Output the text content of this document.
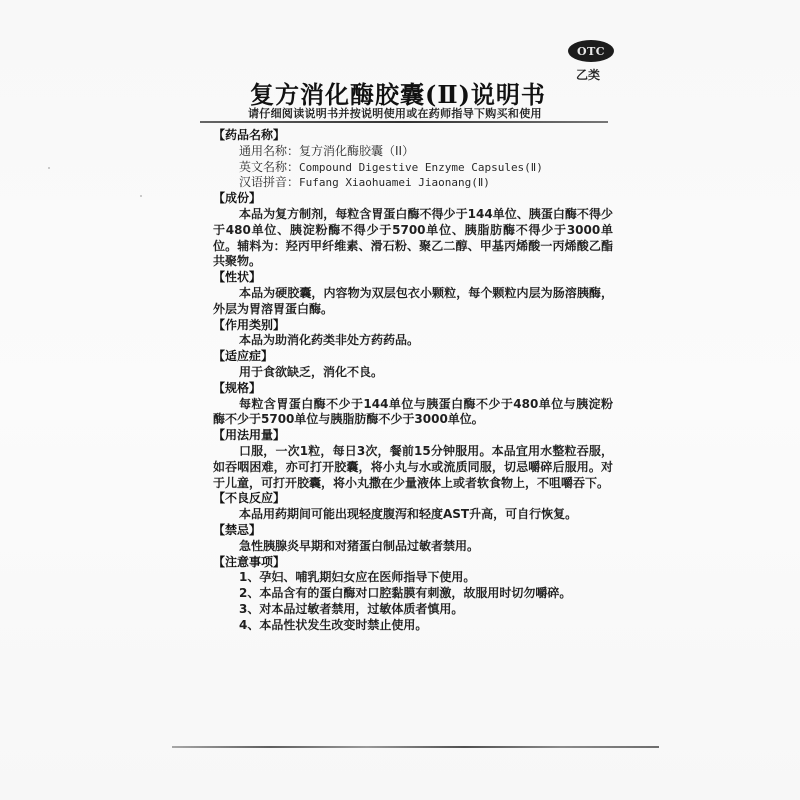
OTC
乙类
复方消化酶胶囊(Ⅱ)说明书
请仔细阅读说明书并按说明使用或在药师指导下购买和使用

【药品名称】

通用名称：复方消化酶胶囊（II）

英文名称：Compound Digestive Enzyme Capsules(Ⅱ)

汉语拼音：Fufang Xiaohuamei Jiaonang(Ⅱ)

【成份】

本品为复方制剂，每粒含胃蛋白酶不得少于144单位、胰蛋白酶不得少于480单位、胰淀粉酶不得少于5700单位、胰脂肪酶不得少于3000单位。辅料为：羟丙甲纤维素、滑石粉、聚乙二醇、甲基丙烯酸一丙烯酸乙酯共聚物。

【性状】

本品为硬胶囊，内容物为双层包衣小颗粒，每个颗粒内层为肠溶胰酶，外层为胃溶胃蛋白酶。

【作用类别】

本品为助消化药类非处方药药品。

【适应症】

用于食欲缺乏，消化不良。

【规格】

每粒含胃蛋白酶不少于144单位与胰蛋白酶不少于480单位与胰淀粉酶不少于5700单位与胰脂肪酶不少于3000单位。

【用法用量】

口服，一次1粒，每日3次，餐前15分钟服用。本品宜用水整粒吞服，如吞咽困难，亦可打开胶囊，将小丸与水或流质同服，切忌嚼碎后服用。对于儿童，可打开胶囊，将小丸撒在少量液体上或者软食物上，不咀嚼吞下。

【不良反应】

本品用药期间可能出现轻度腹泻和轻度AST升高，可自行恢复。

【禁忌】

急性胰腺炎早期和对猪蛋白制品过敏者禁用。

【注意事项】

1、孕妇、哺乳期妇女应在医师指导下使用。

2、本品含有的蛋白酶对口腔黏膜有刺激，故服用时切勿嚼碎。

3、对本品过敏者禁用，过敏体质者慎用。

4、本品性状发生改变时禁止使用。
